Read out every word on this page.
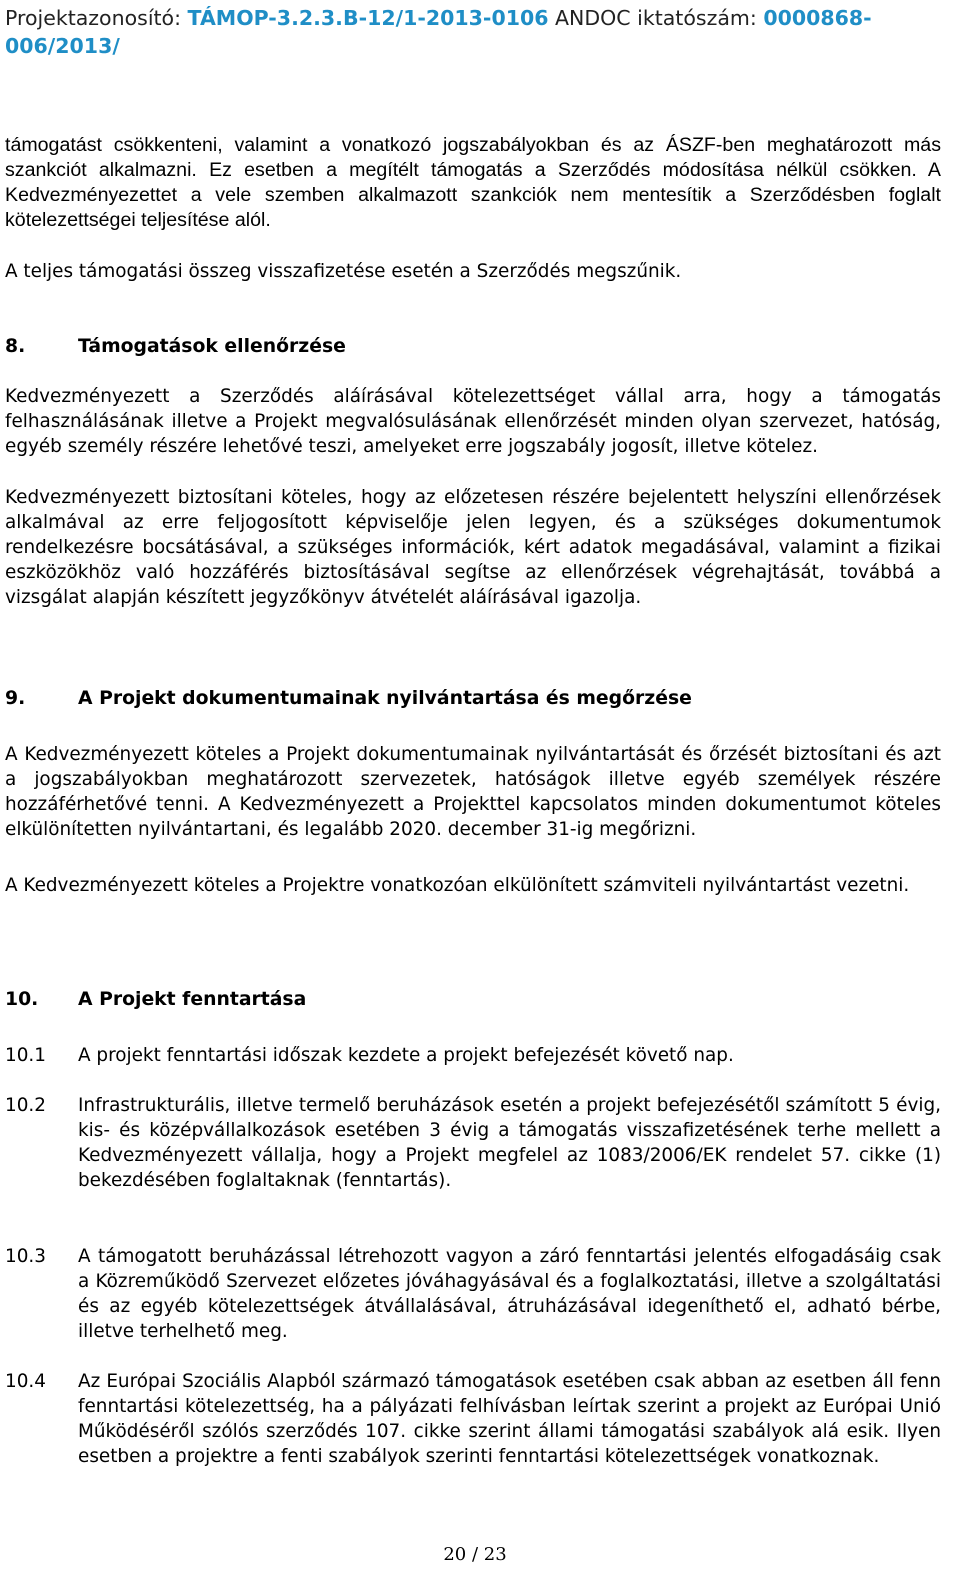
Projektazonosító: TÁMOP-3.2.3.B-12/1-2013-0106 ANDOC iktatószám: 0000868-006/2013/

támogatást csökkenteni, valamint a vonatkozó jogszabályokban és az ÁSZF-ben meghatározott más szankciót alkalmazni. Ez esetben a megítélt támogatás a Szerződés módosítása nélkül csökken. A Kedvezményezettet a vele szemben alkalmazott szankciók nem mentesítik a Szerződésben foglalt kötelezettségei teljesítése alól.

A teljes támogatási összeg visszafizetése esetén a Szerződés megszűnik.

8.	Támogatások ellenőrzése

Kedvezményezett a Szerződés aláírásával kötelezettséget vállal arra, hogy a támogatás felhasználásának illetve a Projekt megvalósulásának ellenőrzését minden olyan szervezet, hatóság, egyéb személy részére lehetővé teszi, amelyeket erre jogszabály jogosít, illetve kötelez.

Kedvezményezett biztosítani köteles, hogy az előzetesen részére bejelentett helyszíni ellenőrzések alkalmával az erre feljogosított képviselője jelen legyen, és a szükséges dokumentumok rendelkezésre bocsátásával, a szükséges információk, kért adatok megadásával, valamint a fizikai eszközökhöz való hozzáférés biztosításával segítse az ellenőrzések végrehajtását, továbbá a vizsgálat alapján készített jegyzőkönyv átvételét aláírásával igazolja.

9.	A Projekt dokumentumainak nyilvántartása és megőrzése

A Kedvezményezett köteles a Projekt dokumentumainak nyilvántartását és őrzését biztosítani és azt a jogszabályokban meghatározott szervezetek, hatóságok illetve egyéb személyek részére hozzáférhetővé tenni. A Kedvezményezett a Projekttel kapcsolatos minden dokumentumot köteles elkülönítetten nyilvántartani, és legalább 2020. december 31-ig megőrizni.

A Kedvezményezett köteles a Projektre vonatkozóan elkülönített számviteli nyilvántartást vezetni.

10. A Projekt fenntartása
10.1 A projekt fenntartási időszak kezdete a projekt befejezését követő nap.
10.2 Infrastrukturális, illetve termelő beruházások esetén a projekt befejezésétől számított 5 évig, kis- és középvállalkozások esetében 3 évig a támogatás visszafizetésének terhe mellett a Kedvezményezett vállalja, hogy a Projekt megfelel az 1083/2006/EK rendelet 57. cikke (1) bekezdésében foglaltaknak (fenntartás).
10.3 A támogatott beruházással létrehozott vagyon a záró fenntartási jelentés elfogadásáig csak a Közreműködő Szervezet előzetes jóváhagyásával és a foglalkoztatási, illetve a szolgáltatási és az egyéb kötelezettségek átvállalásával, átruházásával idegeníthető el, adható bérbe, illetve terhelhető meg.
10.4 Az Európai Szociális Alapból származó támogatások esetében csak abban az esetben áll fenn fenntartási kötelezettség, ha a pályázati felhívásban leírtak szerint a projekt az Európai Unió Működéséről szólós szerződés 107. cikke szerint állami támogatási szabályok alá esik. Ilyen esetben a projektre a fenti szabályok szerinti fenntartási kötelezettségek vonatkoznak.
20 / 23
